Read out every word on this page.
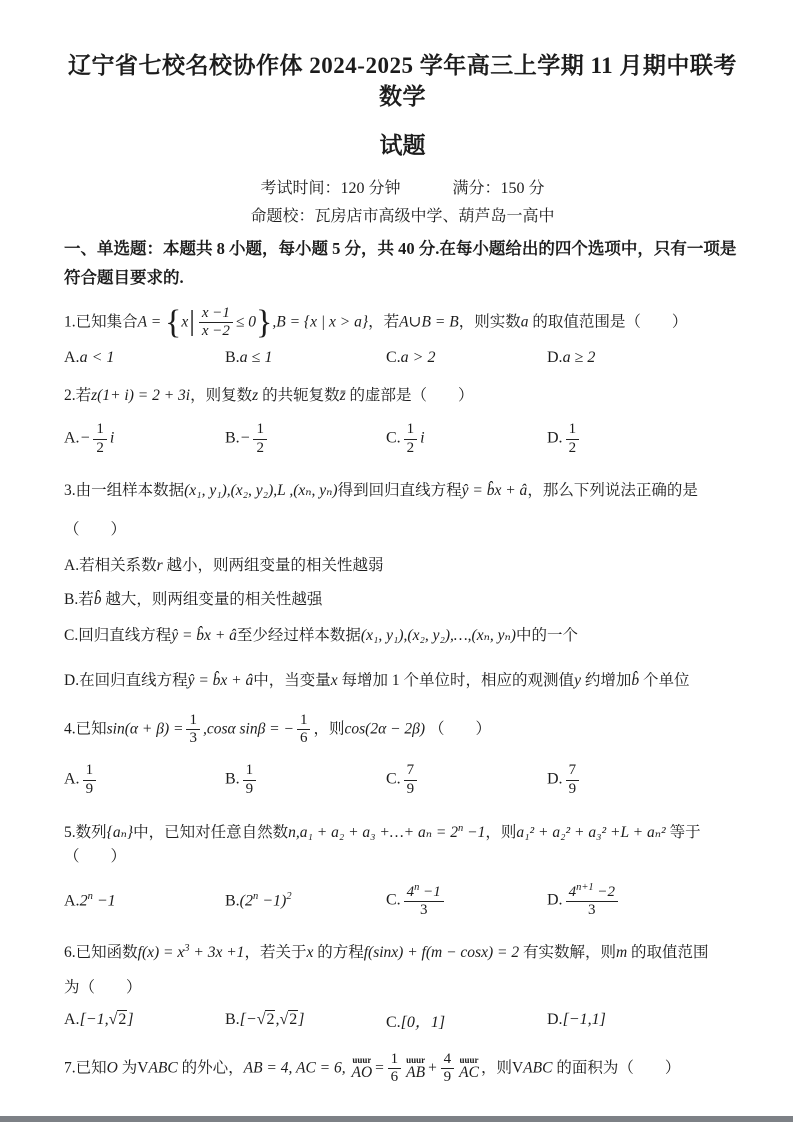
辽宁省七校名校协作体 2024-2025 学年高三上学期 11 月期中联考数学
试题
考试时间：120 分钟	满分：150 分
命题校：瓦房店市高级中学、葫芦岛一高中

一、单选题：本题共 8 小题，每小题 5 分，共 40 分.在每小题给出的四个选项中，只有一项是符合题目要求的.

1.已知集合$A = \{x| \frac{x -1}{x -2} \le 0\},B = \{x$ | x > a}，若A∪B = B，则实数a 的取值范围是（　　）
A.a < 1	B.a ≤ 1	C.a > 2	D.a ≥ 2
2.若z(1+ i) = 2 + 3i，则复数z 的共轭复数z̄ 的虚部是（　　）
$A.- \frac{1}{2}$ i	$B.- \frac{1}{2}$	C. $\frac{1}{2}$ i	D. $\frac{1}{2}$
3.由一组样本数据(x₁, y₁),(x₂, y₂),L ,(xₙ, yₙ)得到回归直线方程ŷ = b̂x + â，那么下列说法正确的是
（　　）
A.若相关系数r 越小，则两组变量的相关性越弱
B.若b̂ 越大，则两组变量的相关性越强
C.回归直线方程ŷ = b̂x + â至少经过样本数据(x₁, y₁),(x₂, y₂),…,(xₙ, yₙ)中的一个
D.在回归直线方程ŷ = b̂x + â中，当变量x 每增加 1 个单位时，相应的观测值y 约增加b̂ 个单位
4.已知$\sin(\alpha + \beta) = \frac{1}{3} ,\cos\alpha$ sinβ = − $\frac{1}{6}$ ，则cos(2α − 2β) （　　）
A. $\frac{1}{9}$	B. $\frac{1}{9}$	C. $\frac{7}{9}$	D. $\frac{7}{9}$
5.数列{aₙ}中，已知对任意自然数n,a₁ + a₂ + a₃ +…+ $a_n = 2^n -1$，则a₁² + a₂² + a₃² +L + aₙ² 等于（　　）
$A.2^n -1$	$B.(2^n -1)^2$	C. $\frac{4^n -1}{3}$	D. $\frac{4^{n+1} -2}{3}$
6.已知函数$f(x) = x^3 + 3x +1$，若关于x 的方程f(sinx) + f(m − cosx) = 2 有实数解，则m 的取值范围
为（　　）
A.[−1,√2]	B.[−√2,√2]	C.[0，1]	D.[−1,1]
7.已知O 为VABC 的外心，AB = 4, AC = 6, uuur
AO = $\frac{1}{6}$ uuur
AB + $\frac{4}{9}$ uuur
AC ，则VABC 的面积为（　　）
